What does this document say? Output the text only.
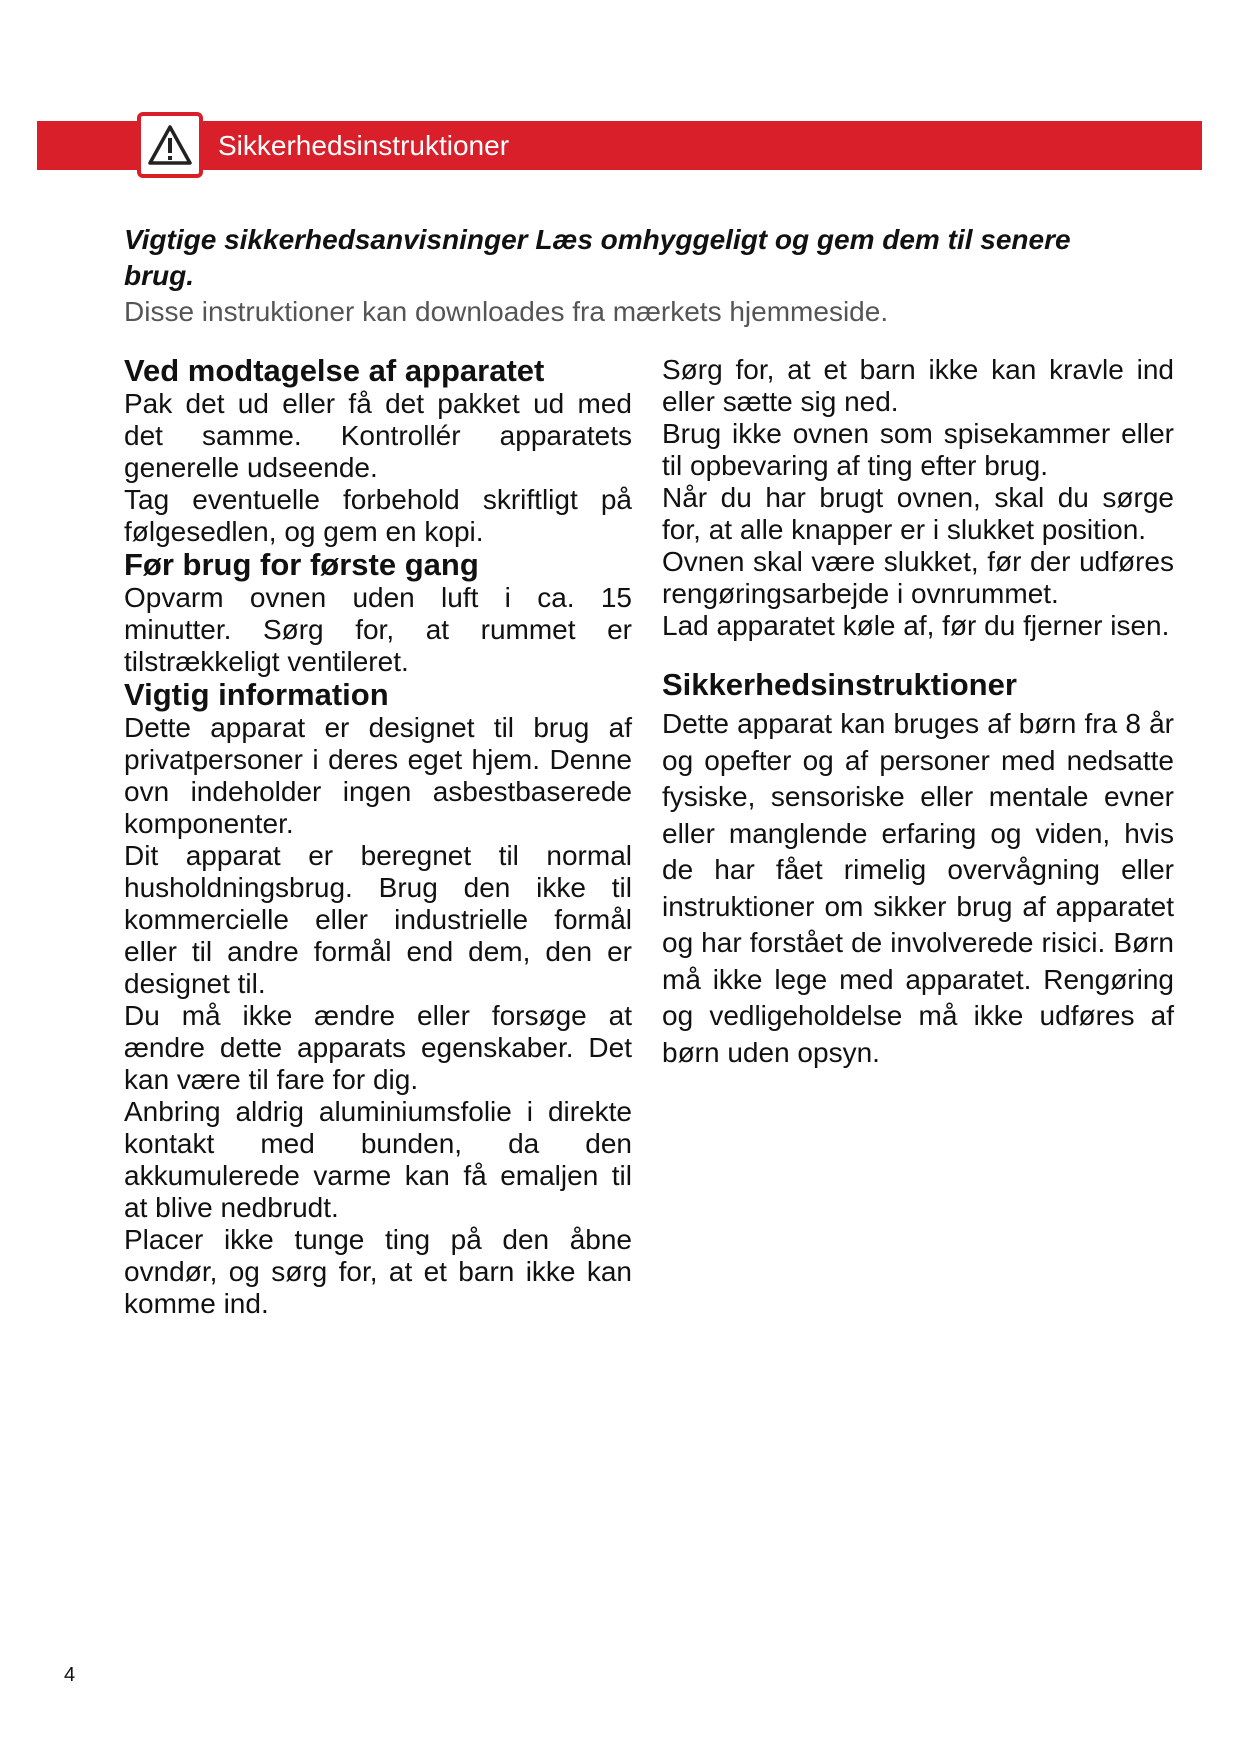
Sikkerhedsinstruktioner

Vigtige sikkerhedsanvisninger Læs omhyggeligt og gem dem til senere brug.

Disse instruktioner kan downloades fra mærkets hjemmeside.

Ved modtagelse af apparatet

Pak det ud eller få det pakket ud med det samme. Kontrollér apparatets generelle udseende.

Tag eventuelle forbehold skriftligt på følgesedlen, og gem en kopi.

Før brug for første gang

Opvarm ovnen uden luft i ca. 15 minutter. Sørg for, at rummet er tilstrækkeligt ventileret.

Vigtig information

Dette apparat er designet til brug af privatpersoner i deres eget hjem. Denne ovn indeholder ingen asbestbaserede komponenter.

Dit apparat er beregnet til normal husholdningsbrug. Brug den ikke til kommercielle eller industrielle formål eller til andre formål end dem, den er designet til.

Du må ikke ændre eller forsøge at ændre dette apparats egenskaber. Det kan være til fare for dig.

Anbring aldrig aluminiumsfolie i direkte kontakt med bunden, da den akkumulerede varme kan få emaljen til at blive nedbrudt.

Placer ikke tunge ting på den åbne ovndør, og sørg for, at et barn ikke kan komme ind.

Sørg for, at et barn ikke kan kravle ind eller sætte sig ned.

Brug ikke ovnen som spisekammer eller til opbevaring af ting efter brug.

Når du har brugt ovnen, skal du sørge for, at alle knapper er i slukket position.

Ovnen skal være slukket, før der udføres rengøringsarbejde i ovnrummet.

Lad apparatet køle af, før du fjerner isen.

Sikkerhedsinstruktioner

Dette apparat kan bruges af børn fra 8 år og opefter og af personer med nedsatte fysiske, sensoriske eller mentale evner eller manglende erfaring og viden, hvis de har fået rimelig overvågning eller instruktioner om sikker brug af apparatet og har forstået de involverede risici. Børn må ikke lege med apparatet. Rengøring og vedligeholdelse må ikke udføres af børn uden opsyn.

4
